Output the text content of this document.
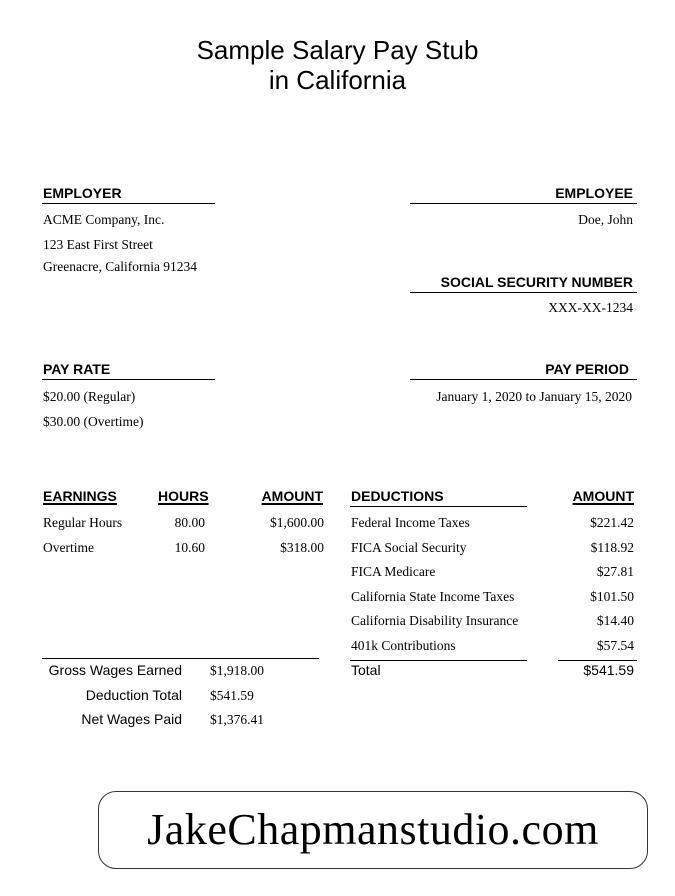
Sample Salary Pay Stub
in California
EMPLOYER
ACME Company, Inc.
123 East First Street
Greenacre, California 91234
EMPLOYEE
Doe, John
SOCIAL SECURITY NUMBER
XXX-XX-1234
PAY RATE
$20.00 (Regular)
$30.00 (Overtime)
PAY PERIOD
January 1, 2020 to January 15, 2020
EARNINGS	HOURS	AMOUNT
Regular Hours	80.00	$1,600.00
Overtime	10.60	$318.00
DEDUCTIONS	AMOUNT
Federal Income Taxes	$221.42
FICA Social Security	$118.92
FICA Medicare	$27.81
California State Income Taxes	$101.50
California Disability Insurance	$14.40
401k Contributions	$57.54
Total	$541.59
Gross Wages Earned $1,918.00
Deduction Total $541.59
Net Wages Paid $1,376.41
JakeChapmanstudio.com
